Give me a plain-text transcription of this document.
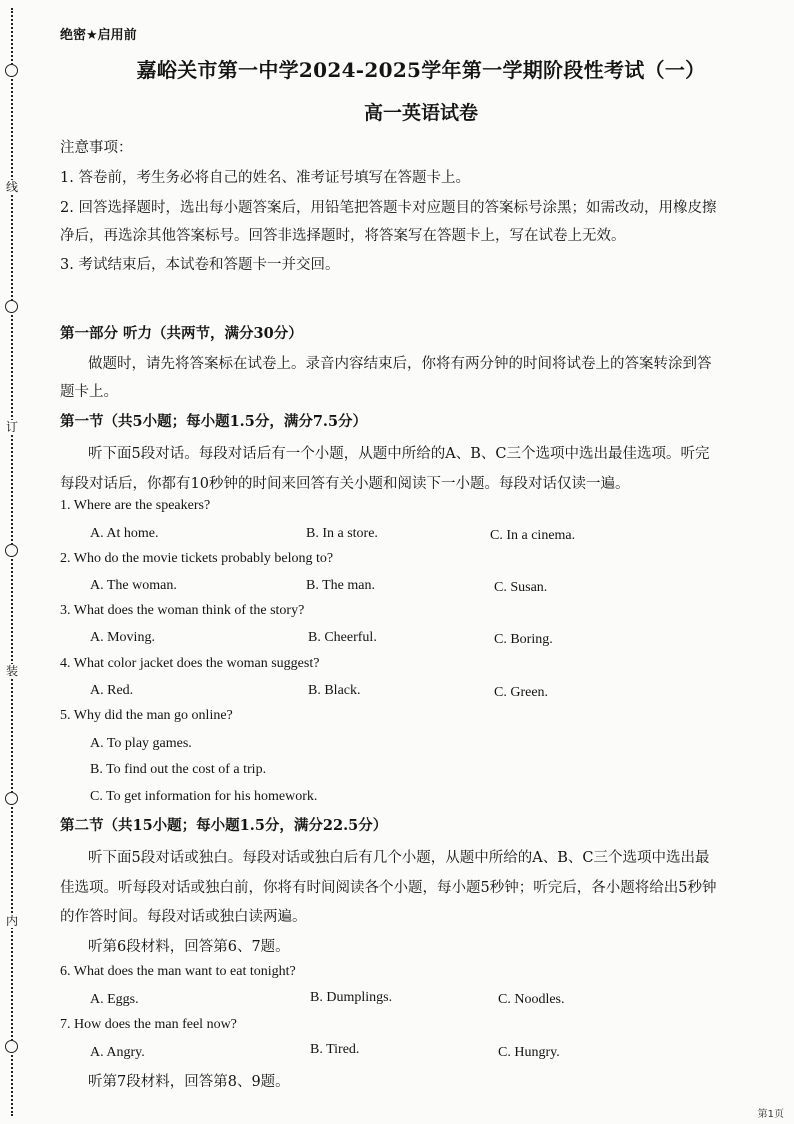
线
订
装
内
绝密★启用前
嘉峪关市第一中学2024-2025学年第一学期阶段性考试（一）
高一英语试卷
注意事项：
1. 答卷前，考生务必将自己的姓名、准考证号填写在答题卡上。
2. 回答选择题时，选出每小题答案后，用铅笔把答题卡对应题目的答案标号涂黑；如需改动，用橡皮擦
净后，再选涂其他答案标号。回答非选择题时，将答案写在答题卡上，写在试卷上无效。
3. 考试结束后，本试卷和答题卡一并交回。
第一部分 听力（共两节，满分30分）
做题时，请先将答案标在试卷上。录音内容结束后，你将有两分钟的时间将试卷上的答案转涂到答
题卡上。
第一节（共5小题；每小题1.5分，满分7.5分）
听下面5段对话。每段对话后有一个小题，从题中所给的A、B、C三个选项中选出最佳选项。听完
每段对话后，你都有10秒钟的时间来回答有关小题和阅读下一小题。每段对话仅读一遍。
1. Where are the speakers?
A. At home.	B. In a store.	C. In a cinema.
2. Who do the movie tickets probably belong to?
A. The woman.	B. The man.	C. Susan.
3. What does the woman think of the story?
A. Moving.	B. Cheerful.	C. Boring.
4. What color jacket does the woman suggest?
A. Red.	B. Black.	C. Green.
5. Why did the man go online?
A. To play games.
B. To find out the cost of a trip.
C. To get information for his homework.
第二节（共15小题；每小题1.5分，满分22.5分）
听下面5段对话或独白。每段对话或独白后有几个小题，从题中所给的A、B、C三个选项中选出最
佳选项。听每段对话或独白前，你将有时间阅读各个小题，每小题5秒钟；听完后，各小题将给出5秒钟
的作答时间。每段对话或独白读两遍。
听第6段材料，回答第6、7题。
6. What does the man want to eat tonight?
A. Eggs.	B. Dumplings.	C. Noodles.
7. How does the man feel now?
A. Angry.	B. Tired.	C. Hungry.
听第7段材料，回答第8、9题。
第1页
